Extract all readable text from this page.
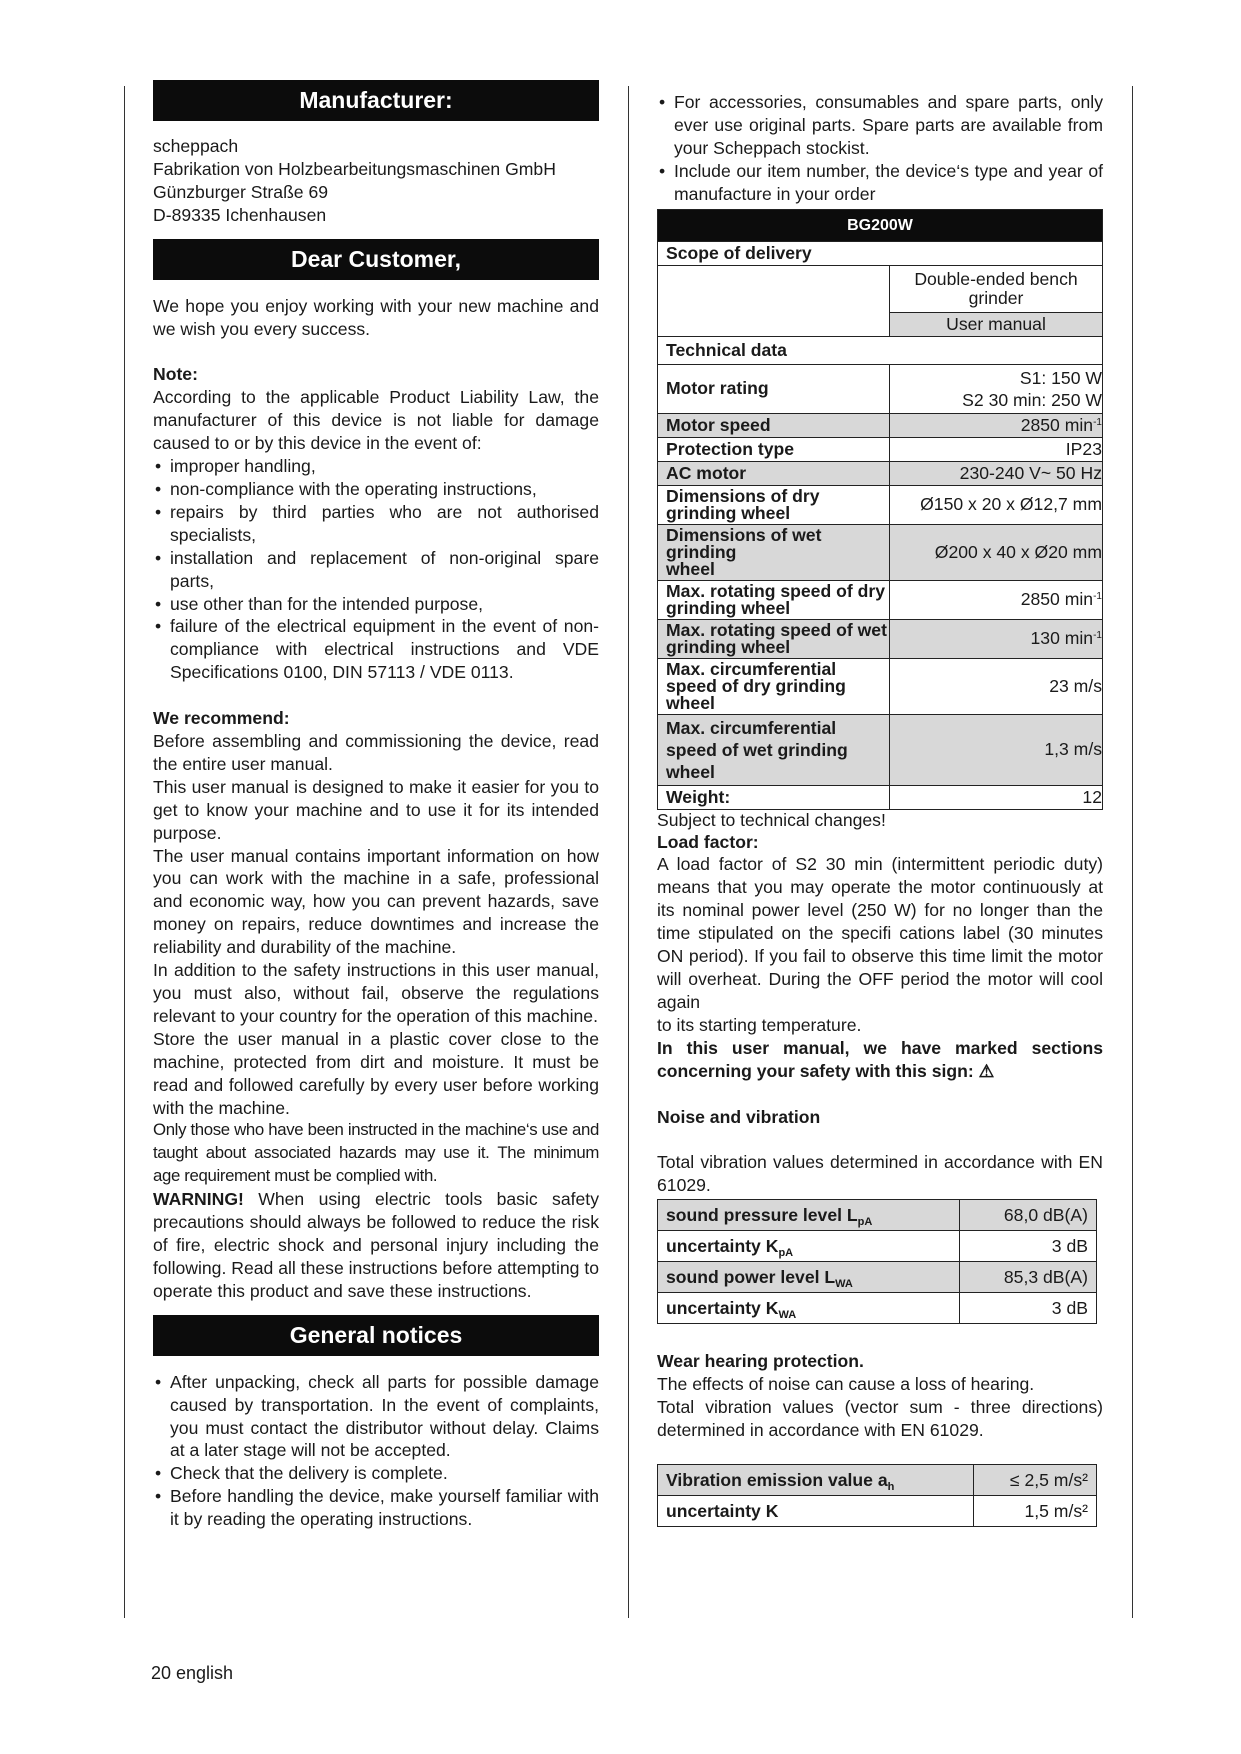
Manufacturer:
scheppach
Fabrikation von Holzbearbeitungsmaschinen GmbH
Günzburger Straße 69
D-89335 Ichenhausen
Dear Customer,

We hope you enjoy working with your new machine and we wish you every success.

Note:

According to the applicable Product Liability Law, the manufacturer of this device is not liable for damage caused to or by this device in the event of:

• improper handling,
• non-compliance with the operating instructions,
• repairs by third parties who are not authorised specialists,
• installation and replacement of non-original spare parts,
• use other than for the intended purpose,
• failure of the electrical equipment in the event of non-compliance with electrical instructions and VDE Specifications 0100, DIN 57113 / VDE 0113.

We recommend:

Before assembling and commissioning the device, read the entire user manual.

This user manual is designed to make it easier for you to get to know your machine and to use it for its intended purpose.

The user manual contains important information on how you can work with the machine in a safe, professional and economic way, how you can prevent hazards, save money on repairs, reduce downtimes and increase the reliability and durability of the machine.

In addition to the safety instructions in this user manual, you must also, without fail, observe the regulations relevant to your country for the operation of this machine.

Store the user manual in a plastic cover close to the machine, protected from dirt and moisture. It must be read and followed carefully by every user before working with the machine.

Only those who have been instructed in the machine‘s use and taught about associated hazards may use it. The minimum age requirement must be complied with.

WARNING! When using electric tools basic safety precautions should always be followed to reduce the risk of fire, electric shock and personal injury including the following. Read all these instructions before attempting to operate this product and save these instructions.

General notices
• After unpacking, check all parts for possible damage caused by transportation. In the event of complaints, you must contact the distributor without delay. Claims at a later stage will not be accepted.
• Check that the delivery is complete.
• Before handling the device, make yourself familiar with it by reading the operating instructions.
• For accessories, consumables and spare parts, only ever use original parts. Spare parts are available from your Scheppach stockist.
• Include our item number, the device‘s type and year of manufacture in your order
BG200W	
Scope of delivery	
	Double-ended bench grinder
	User manual
Technical data	
Motor rating	S1: 150 W
S2 30 min: 250 W

Motor speed	2850 $\min^{-1}$
Protection type	IP23
AC motor	230-240 V~ 50 Hz
Dimensions of dry grinding wheel	Ø150 x 20 x Ø12,7 mm

Dimensions of wet grinding
wheel	Ø200 x 40 x Ø20 mm
Max. rotating speed of dry grinding wheel	2850 $\min^{-1}$

Max. rotating speed of wet
grinding wheel	130 $\min^{-1}$
Max. circumferential speed of dry grinding wheel	23 m/s

Max. circumferential
speed of wet grinding
wheel	1,3 m/s
Weight:	12

Subject to technical changes!

Load factor:

A load factor of S2 30 min (intermittent periodic duty) means that you may operate the motor continuously at its nominal power level (250 W) for no longer than the time stipulated on the specifi cations label (30 minutes ON period). If you fail to observe this time limit the motor will overheat. During the OFF period the motor will cool again

to its starting temperature.

In this user manual, we have marked sections concerning your safety with this sign: ⚠

Noise and vibration

Total vibration values determined in accordance with EN 61029.

sound pressure level $L_{pA}$	68,0 dB(A)
uncertainty $K_{pA}$	3 dB
sound power level $L_{WA}$	85,3 dB(A)
uncertainty $K_{WA}$	3 dB

Wear hearing protection.

The effects of noise can cause a loss of hearing.

Total vibration values (vector sum - three directions) determined in accordance with EN 61029.

Vibration emission value $a_h$	≤ 2,5 m/s²
uncertainty K	1,5 m/s²
20 english
